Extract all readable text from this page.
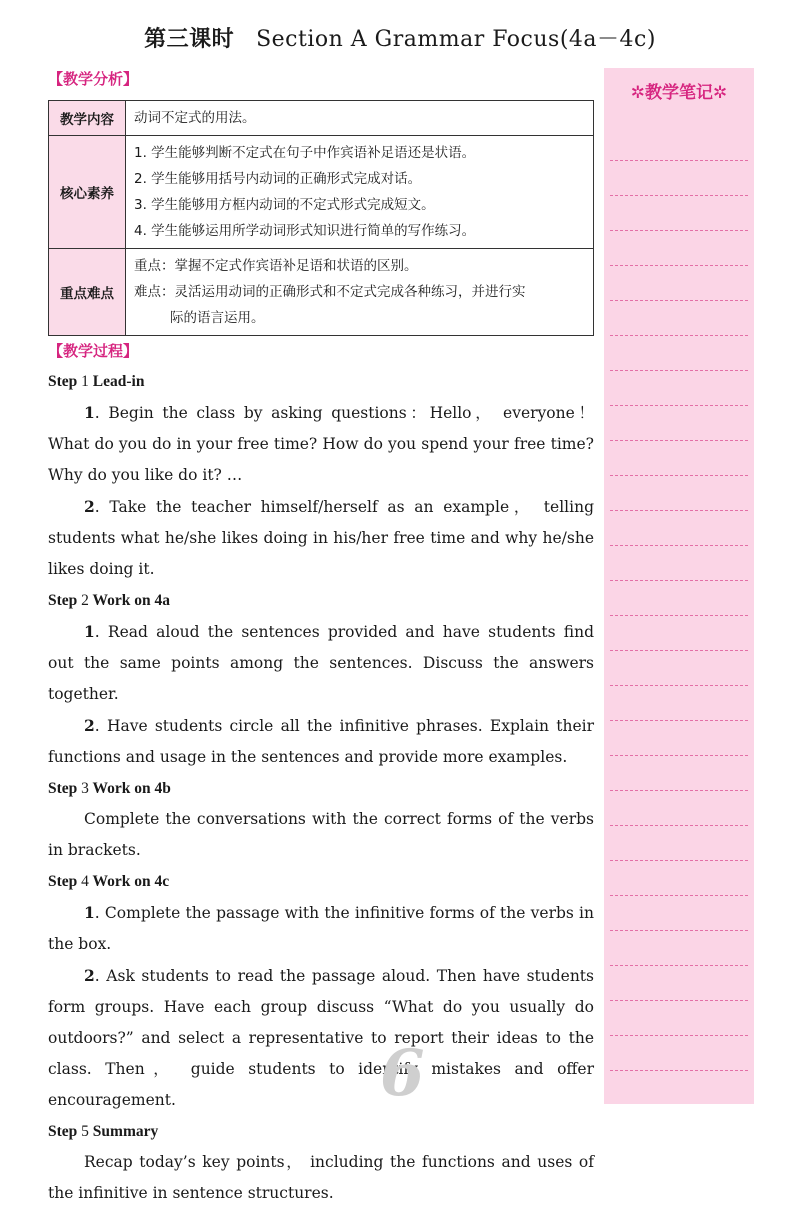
第三课时 Section A Grammar Focus(4a－4c)
【教学分析】
教学内容	动词不定式的用法。

核心素养	1. 学生能够判断不定式在句子中作宾语补足语还是状语。
2. 学生能够用括号内动词的正确形式完成对话。
3. 学生能够用方框内动词的不定式形式完成短文。
4. 学生能够运用所学动词形式知识进行简单的写作练习。

重点难点	重点：掌握不定式作宾语补足语和状语的区别。
难点：灵活运用动词的正确形式和不定式完成各种练习，并进行实
际的语言运用。
【教学过程】
Step 1 Lead-in
1. Begin the class by asking questions：Hello， everyone！ What do you do in your free time? How do you spend your free time? Why do you like do it? …
2. Take the teacher himself/herself as an example， telling students what he/she likes doing in his/her free time and why he/she likes doing it.
Step 2 Work on 4a
1. Read aloud the sentences provided and have students find out the same points among the sentences. Discuss the answers together.
2. Have students circle all the infinitive phrases. Explain their functions and usage in the sentences and provide more examples.
Step 3 Work on 4b
Complete the conversations with the correct forms of the verbs in brackets.
Step 4 Work on 4c
1. Complete the passage with the infinitive forms of the verbs in the box.
2. Ask students to read the passage aloud. Then have students form groups. Have each group discuss “What do you usually do outdoors?” and select a representative to report their ideas to the class. Then， guide students to identify mistakes and offer encouragement.
Step 5 Summary
Recap today’s key points， including the functions and uses of the infinitive in sentence structures.
✲教学笔记✲
6
